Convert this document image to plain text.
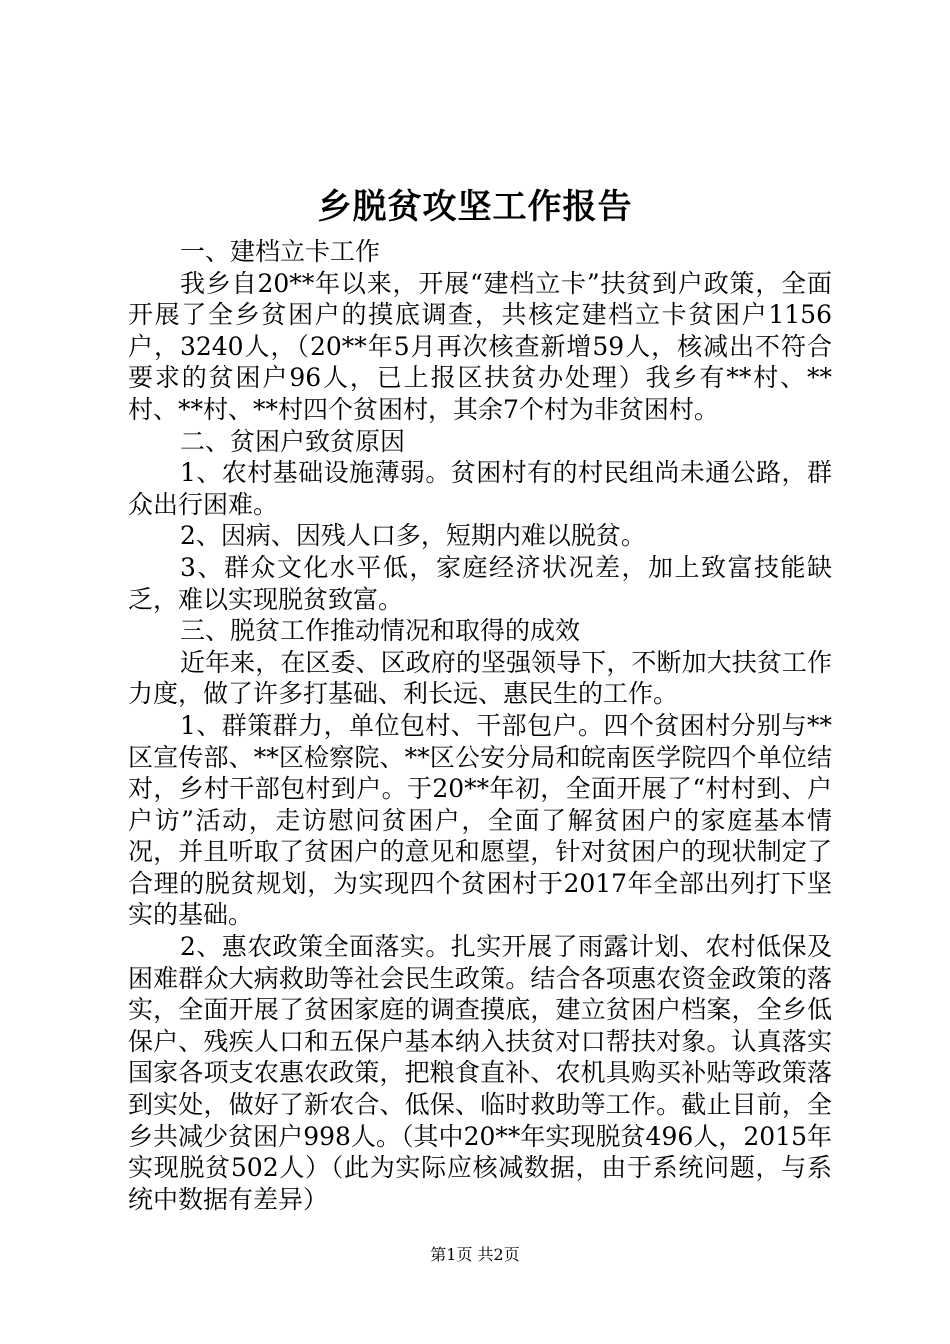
乡脱贫攻坚工作报告

一、建档立卡工作

我乡自20**年以来，开展“建档立卡”扶贫到户政策，全面开展了全乡贫困户的摸底调查，共核定建档立卡贫困户1156户，3240人，（20**年5月再次核查新增59人，核减出不符合要求的贫困户96人，已上报区扶贫办处理）我乡有**村、**村、**村、**村四个贫困村，其余7个村为非贫困村。

二、贫困户致贫原因

1、农村基础设施薄弱。贫困村有的村民组尚未通公路，群众出行困难。

2、因病、因残人口多，短期内难以脱贫。

3、群众文化水平低，家庭经济状况差，加上致富技能缺乏，难以实现脱贫致富。

三、脱贫工作推动情况和取得的成效

近年来，在区委、区政府的坚强领导下，不断加大扶贫工作力度，做了许多打基础、利长远、惠民生的工作。

1、群策群力，单位包村、干部包户。四个贫困村分别与**区宣传部、**区检察院、**区公安分局和皖南医学院四个单位结对，乡村干部包村到户。于20**年初，全面开展了“村村到、户户访”活动，走访慰问贫困户，全面了解贫困户的家庭基本情况，并且听取了贫困户的意见和愿望，针对贫困户的现状制定了合理的脱贫规划，为实现四个贫困村于2017年全部出列打下坚实的基础。

2、惠农政策全面落实。扎实开展了雨露计划、农村低保及困难群众大病救助等社会民生政策。结合各项惠农资金政策的落实，全面开展了贫困家庭的调查摸底，建立贫困户档案，全乡低保户、残疾人口和五保户基本纳入扶贫对口帮扶对象。认真落实国家各项支农惠农政策，把粮食直补、农机具购买补贴等政策落到实处，做好了新农合、低保、临时救助等工作。截止目前，全乡共减少贫困户998人。（其中20**年实现脱贫496人，2015年实现脱贫502人）（此为实际应核减数据，由于系统问题，与系统中数据有差异）

第1页 共2页
